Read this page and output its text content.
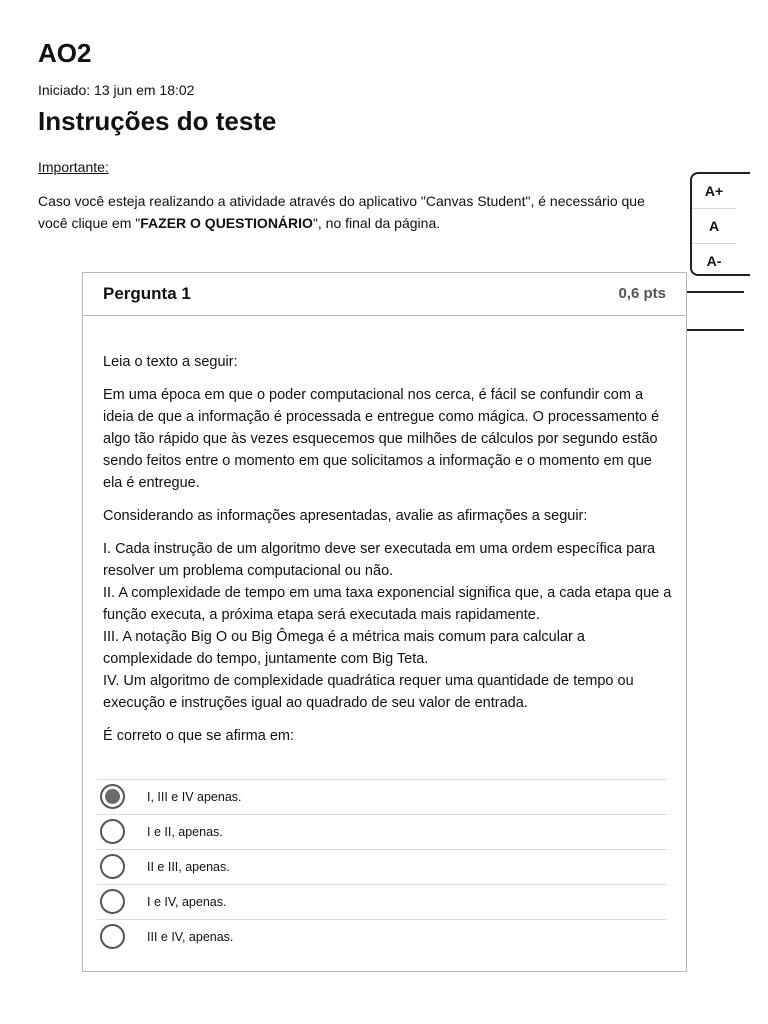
AO2
Iniciado: 13 jun em 18:02
Instruções do teste
Importante:
Caso você esteja realizando a atividade através do aplicativo "Canvas Student", é necessário que
você clique em "FAZER O QUESTIONÁRIO", no final da página.
A+
A
A-
Pergunta 1	0,6 pts

Leia o texto a seguir:

Em uma época em que o poder computacional nos cerca, é fácil se confundir com a ideia de que a informação é processada e entregue como mágica. O processamento é algo tão rápido que às vezes esquecemos que milhões de cálculos por segundo estão sendo feitos entre o momento em que solicitamos a informação e o momento em que ela é entregue.

Considerando as informações apresentadas, avalie as afirmações a seguir:

I. Cada instrução de um algoritmo deve ser executada em uma ordem específica para resolver um problema computacional ou não.
II. A complexidade de tempo em uma taxa exponencial significa que, a cada etapa que a função executa, a próxima etapa será executada mais rapidamente.
III. A notação Big O ou Big Ômega é a métrica mais comum para calcular a complexidade do tempo, juntamente com Big Teta.
IV. Um algoritmo de complexidade quadrática requer uma quantidade de tempo ou execução e instruções igual ao quadrado de seu valor de entrada.

É correto o que se afirma em:

I, III e IV apenas.
I e II, apenas.
II e III, apenas.
I e IV, apenas.
III e IV, apenas.
